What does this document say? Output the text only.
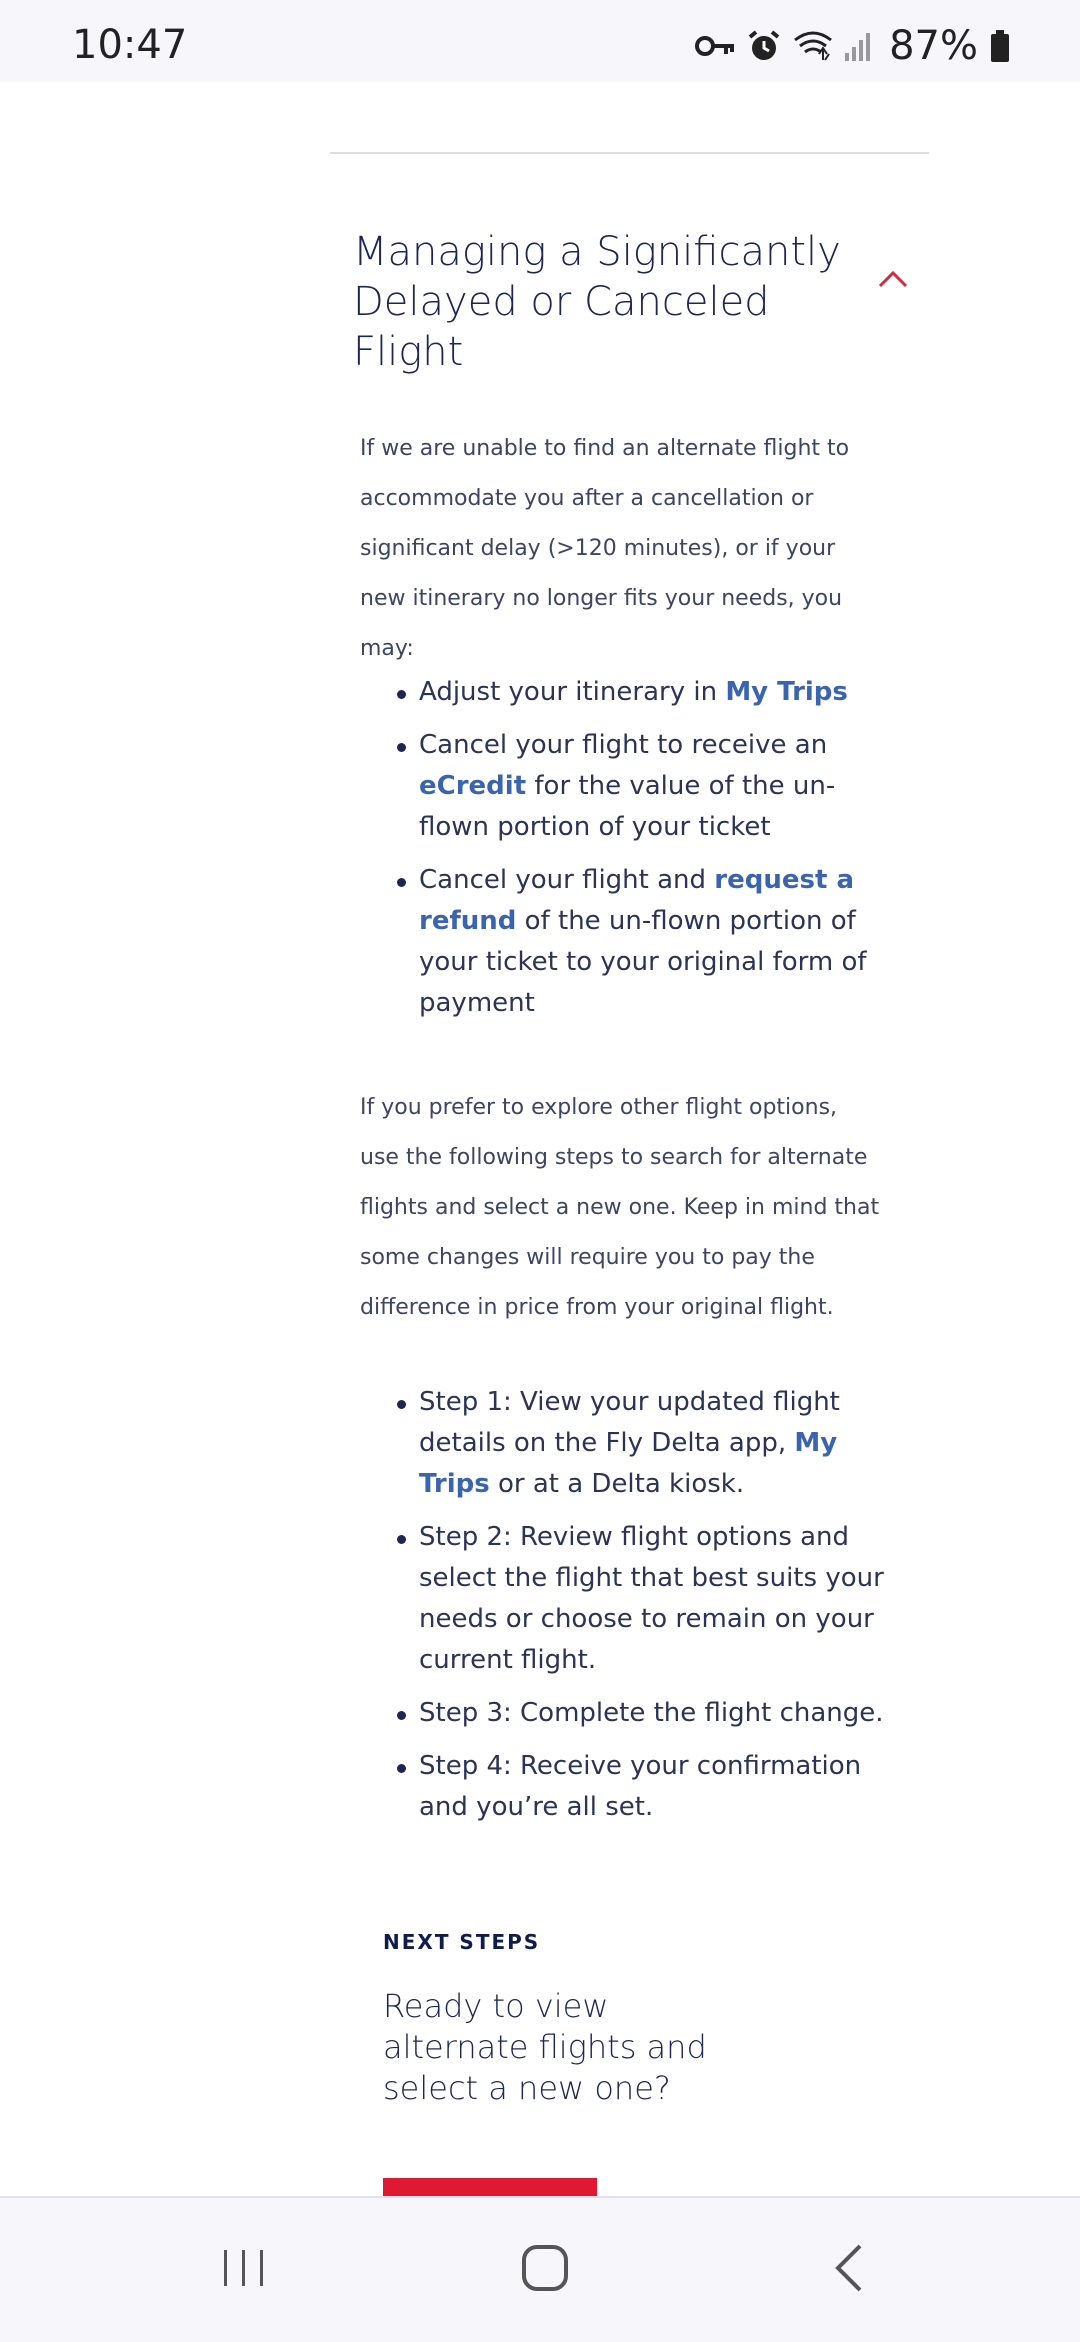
10:47	87%
Managing a Significantly Delayed or Canceled Flight
If we are unable to find an alternate flight to accommodate you after a cancellation or significant delay (>120 minutes), or if your new itinerary no longer fits your needs, you may:
Adjust your itinerary in My Trips
Cancel your flight to receive an eCredit for the value of the un-flown portion of your ticket
Cancel your flight and request a refund of the un-flown portion of your ticket to your original form of payment
If you prefer to explore other flight options, use the following steps to search for alternate flights and select a new one. Keep in mind that some changes will require you to pay the difference in price from your original flight.
Step 1: View your updated flight details on the Fly Delta app, My Trips or at a Delta kiosk.
Step 2: Review flight options and select the flight that best suits your needs or choose to remain on your current flight.
Step 3: Complete the flight change.
Step 4: Receive your confirmation and you’re all set.
NEXT STEPS
Ready to view alternate flights and select a new one?
